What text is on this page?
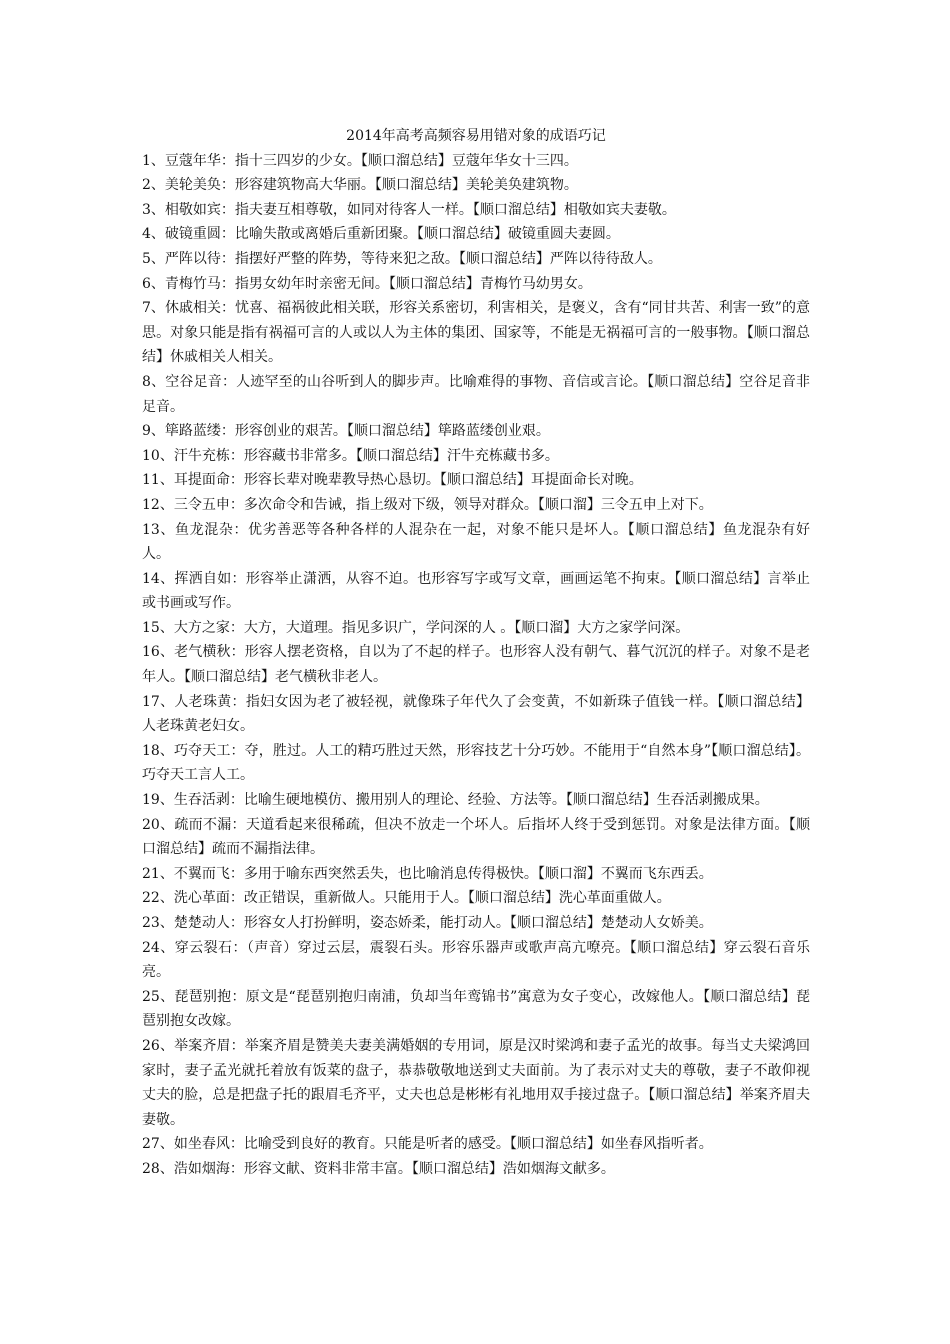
2014年高考高频容易用错对象的成语巧记

1、豆蔻年华：指十三四岁的少女。【顺口溜总结】豆蔻年华女十三四。

2、美轮美奂：形容建筑物高大华丽。【顺口溜总结】美轮美奂建筑物。

3、相敬如宾：指夫妻互相尊敬，如同对待客人一样。【顺口溜总结】相敬如宾夫妻敬。

4、破镜重圆：比喻失散或离婚后重新团聚。【顺口溜总结】破镜重圆夫妻圆。

5、严阵以待：指摆好严整的阵势，等待来犯之敌。【顺口溜总结】严阵以待待敌人。

6、青梅竹马：指男女幼年时亲密无间。【顺口溜总结】青梅竹马幼男女。

7、休戚相关：忧喜、福祸彼此相关联，形容关系密切，利害相关，是褒义，含有“同甘共苦、利害一致”的意思。对象只能是指有祸福可言的人或以人为主体的集团、国家等，不能是无祸福可言的一般事物。【顺口溜总结】休戚相关人相关。

8、空谷足音：人迹罕至的山谷听到人的脚步声。比喻难得的事物、音信或言论。【顺口溜总结】空谷足音非足音。

9、筚路蓝缕：形容创业的艰苦。【顺口溜总结】筚路蓝缕创业艰。

10、汗牛充栋：形容藏书非常多。【顺口溜总结】汗牛充栋藏书多。

11、耳提面命：形容长辈对晚辈教导热心恳切。【顺口溜总结】耳提面命长对晚。

12、三令五申：多次命令和告诫，指上级对下级，领导对群众。【顺口溜】三令五申上对下。

13、鱼龙混杂：优劣善恶等各种各样的人混杂在一起，对象不能只是坏人。【顺口溜总结】鱼龙混杂有好人。

14、挥洒自如：形容举止潇洒，从容不迫。也形容写字或写文章，画画运笔不拘束。【顺口溜总结】言举止或书画或写作。

15、大方之家：大方，大道理。指见多识广，学问深的人 。【顺口溜】大方之家学问深。

16、老气横秋：形容人摆老资格，自以为了不起的样子。也形容人没有朝气、暮气沉沉的样子。对象不是老年人。【顺口溜总结】老气横秋非老人。

17、人老珠黄：指妇女因为老了被轻视，就像珠子年代久了会变黄，不如新珠子值钱一样。【顺口溜总结】人老珠黄老妇女。

18、巧夺天工：夺，胜过。人工的精巧胜过天然，形容技艺十分巧妙。不能用于“自然本身”【顺口溜总结】。巧夺天工言人工。

19、生吞活剥：比喻生硬地模仿、搬用别人的理论、经验、方法等。【顺口溜总结】生吞活剥搬成果。

20、疏而不漏：天道看起来很稀疏，但决不放走一个坏人。后指坏人终于受到惩罚。对象是法律方面。【顺口溜总结】疏而不漏指法律。

21、不翼而飞：多用于喻东西突然丢失，也比喻消息传得极快。【顺口溜】不翼而飞东西丢。

22、洗心革面：改正错误，重新做人。只能用于人。【顺口溜总结】洗心革面重做人。

23、楚楚动人：形容女人打扮鲜明，姿态娇柔，能打动人。【顺口溜总结】楚楚动人女娇美。

24、穿云裂石：（声音）穿过云层，震裂石头。形容乐器声或歌声高亢嘹亮。【顺口溜总结】穿云裂石音乐亮。

25、琵琶别抱：原文是“琵琶别抱归南浦，负却当年鸾锦书”寓意为女子变心，改嫁他人。【顺口溜总结】琵琶别抱女改嫁。

26、举案齐眉：举案齐眉是赞美夫妻美满婚姻的专用词，原是汉时梁鸿和妻子孟光的故事。每当丈夫梁鸿回家时，妻子孟光就托着放有饭菜的盘子，恭恭敬敬地送到丈夫面前。为了表示对丈夫的尊敬，妻子不敢仰视丈夫的脸，总是把盘子托的跟眉毛齐平，丈夫也总是彬彬有礼地用双手接过盘子。【顺口溜总结】举案齐眉夫妻敬。

27、如坐春风：比喻受到良好的教育。只能是听者的感受。【顺口溜总结】如坐春风指听者。

28、浩如烟海：形容文献、资料非常丰富。【顺口溜总结】浩如烟海文献多。
